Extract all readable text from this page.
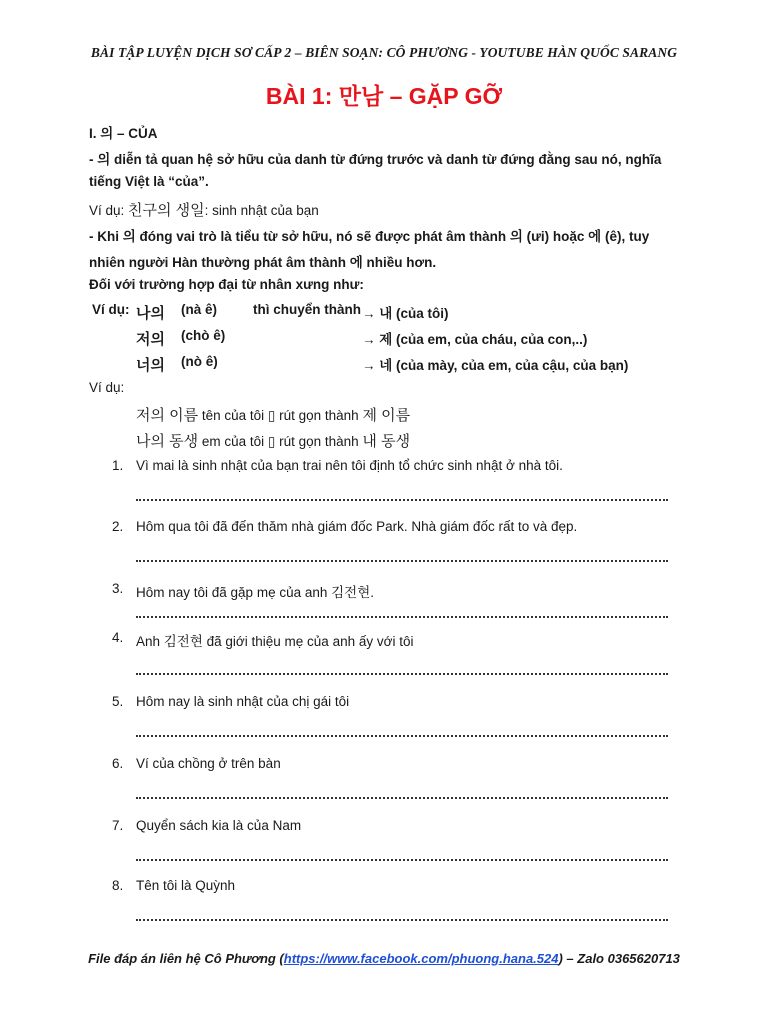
BÀI TẬP LUYỆN DỊCH SƠ CẤP 2 – BIÊN SOẠN: CÔ PHƯƠNG - YOUTUBE HÀN QUỐC SARANG
BÀI 1: 만남 – GẶP GỠ
I. 의 – CỦA
- 의 diễn tả quan hệ sở hữu của danh từ đứng trước và danh từ đứng đằng sau nó, nghĩa
tiếng Việt là “của”.
Ví dụ: 친구의 생일: sinh nhật của bạn
- Khi 의 đóng vai trò là tiểu từ sở hữu, nó sẽ được phát âm thành 의 (ưi) hoặc 에 (ê), tuy
nhiên người Hàn thường phát âm thành 에 nhiều hơn.
Đối với trường hợp đại từ nhân xưng như:
Ví dụ: 나의 (nà ê)	thì chuyển thành → 내 (của tôi)
저의 (chò ê)	→ 제 (của em, của cháu, của con,..)
너의 (nò ê)	→ 네 (của mày, của em, của cậu, của bạn)
Ví dụ:
저의 이름 tên của tôi ▯ rút gọn thành 제 이름
나의 동생 em của tôi ▯ rút gọn thành 내 동생
1. Vì mai là sinh nhật của bạn trai nên tôi định tổ chức sinh nhật ở nhà tôi.
2. Hôm qua tôi đã đến thăm nhà giám đốc Park. Nhà giám đốc rất to và đẹp.
3. Hôm nay tôi đã gặp mẹ của anh 김전현.
4. Anh 김전현 đã giới thiệu mẹ của anh ấy với tôi
5. Hôm nay là sinh nhật của chị gái tôi
6. Ví của chồng ở trên bàn
7. Quyển sách kia là của Nam
8. Tên tôi là Quỳnh
File đáp án liên hệ Cô Phương (https://www.facebook.com/phuong.hana.524) – Zalo 0365620713
